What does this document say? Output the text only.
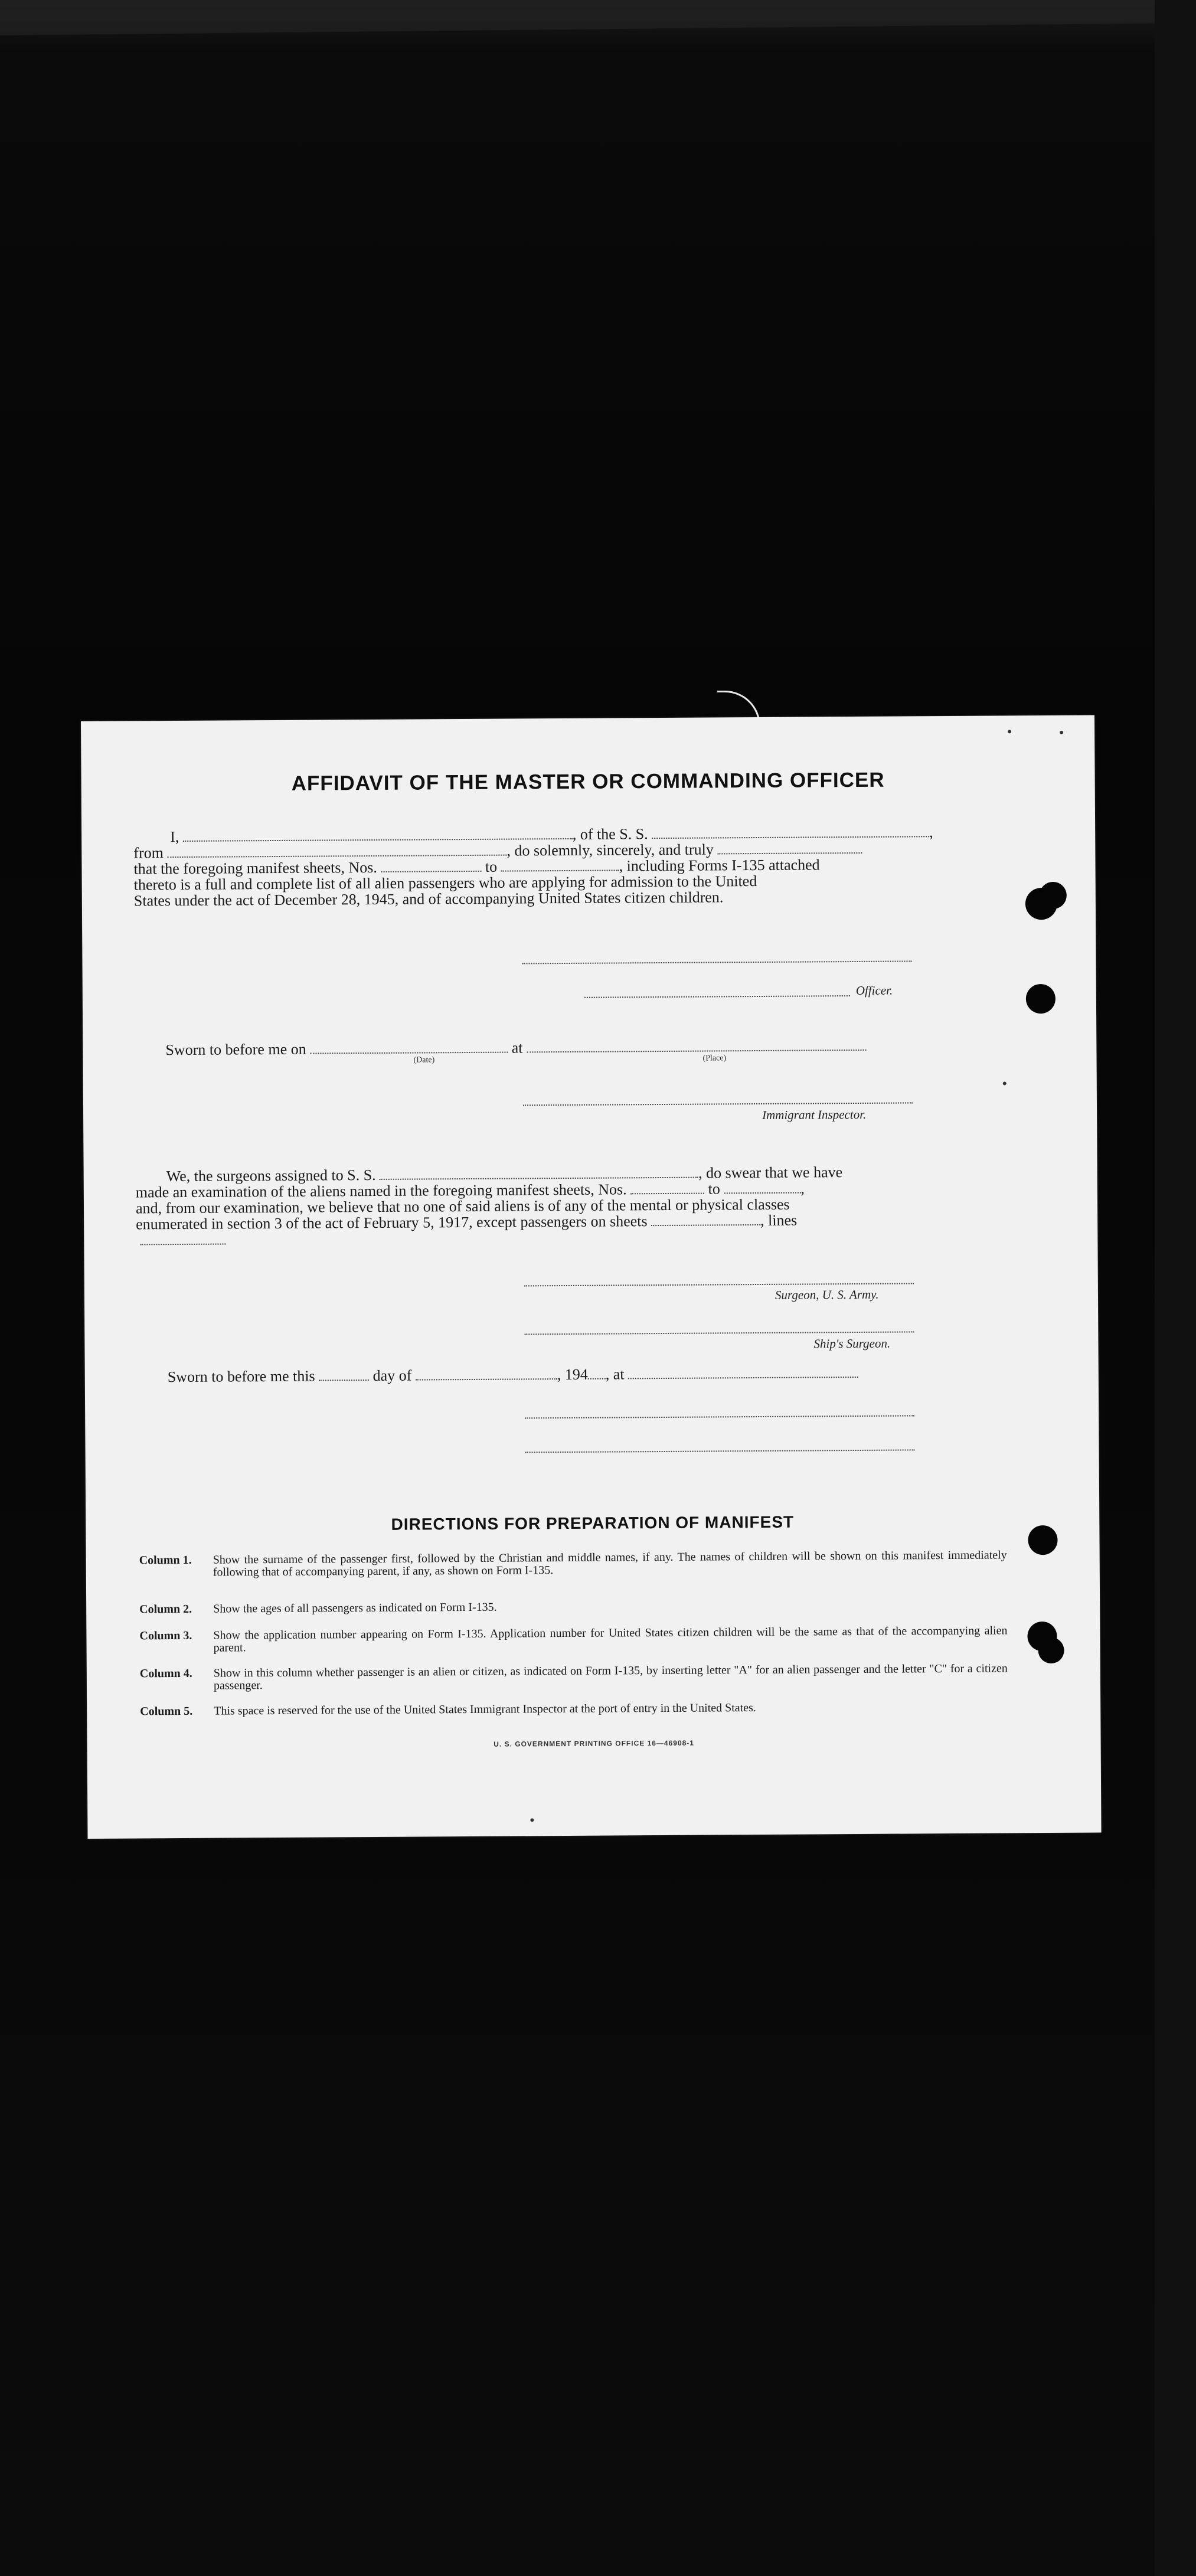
AFFIDAVIT OF THE MASTER OR COMMANDING OFFICER
I,	, of the S. S.	,
from	, do solemnly, sincerely, and truly
that the foregoing manifest sheets, Nos.	to	, including Forms I-135 attached
thereto is a full and complete list of all alien passengers who are applying for admission to the United
States under the act of December 28, 1945, and of accompanying United States citizen children.
Officer.
Sworn to before me on	at
(Date)	(Place)
Immigrant Inspector.
We, the surgeons assigned to S. S.	, do swear that we have
made an examination of the aliens named in the foregoing manifest sheets, Nos.	to	,
and, from our examination, we believe that no one of said aliens is of any of the mental or physical classes
enumerated in section 3 of the act of February 5, 1917, except passengers on sheets	, lines
Surgeon, U. S. Army.
Ship's Surgeon.
Sworn to before me this	day of	, 194 , at
DIRECTIONS FOR PREPARATION OF MANIFEST
Column 1.	Show the surname of the passenger first, followed by the Christian and middle names, if any. The names of children will be shown on this manifest immediately following that of accompanying parent, if any, as shown on Form I-135.
Column 2.	Show the ages of all passengers as indicated on Form I-135.
Column 3.	Show the application number appearing on Form I-135. Application number for United States citizen children will be the same as that of the accompanying alien parent.
Column 4.	Show in this column whether passenger is an alien or citizen, as indicated on Form I-135, by inserting letter "A" for an alien passenger and the letter "C" for a citizen passenger.
Column 5.	This space is reserved for the use of the United States Immigrant Inspector at the port of entry in the United States.
U. S. GOVERNMENT PRINTING OFFICE 16—46908-1
